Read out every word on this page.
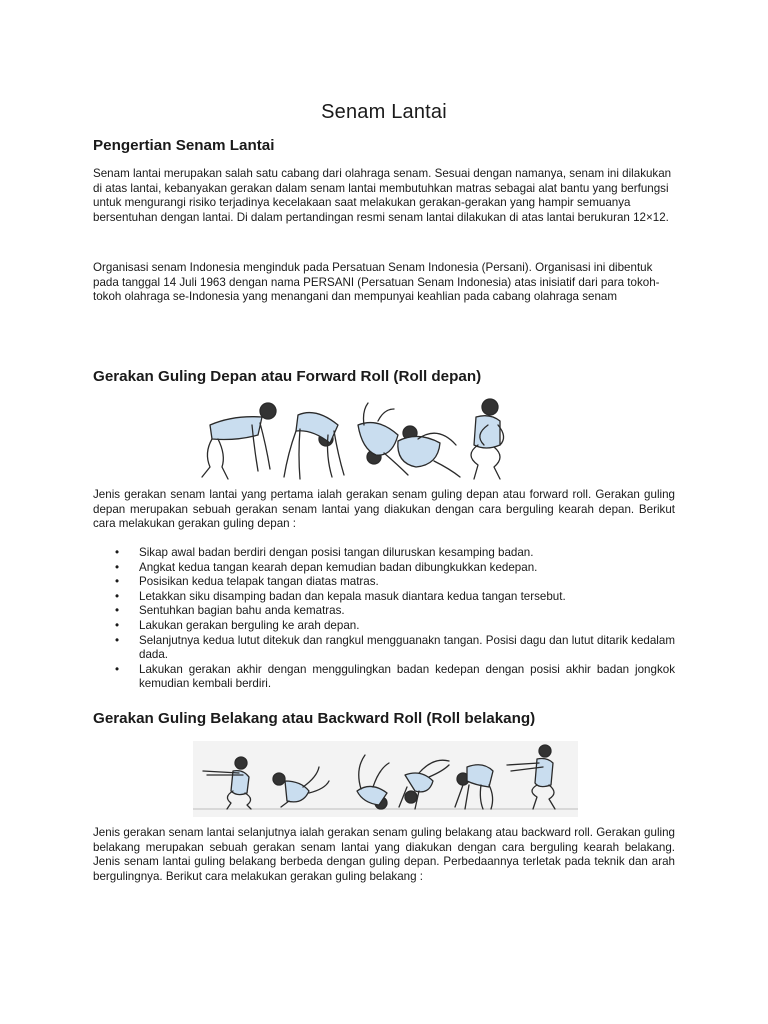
Senam Lantai
Pengertian Senam Lantai

Senam lantai merupakan salah satu cabang dari olahraga senam. Sesuai dengan namanya, senam ini dilakukan di atas lantai, kebanyakan gerakan dalam senam lantai membutuhkan matras sebagai alat bantu yang berfungsi untuk mengurangi risiko terjadinya kecelakaan saat melakukan gerakan-gerakan yang hampir semuanya bersentuhan dengan lantai. Di dalam pertandingan resmi senam lantai dilakukan di atas lantai berukuran 12×12.

Organisasi senam Indonesia menginduk pada Persatuan Senam Indonesia (Persani). Organisasi ini dibentuk pada tanggal 14 Juli 1963 dengan nama PERSANI (Persatuan Senam Indonesia) atas inisiatif dari para tokoh-tokoh olahraga se-Indonesia yang menangani dan mempunyai keahlian pada cabang olahraga senam

Gerakan Guling Depan atau Forward Roll (Roll depan)

Jenis gerakan senam lantai yang pertama ialah gerakan senam guling depan atau forward roll. Gerakan guling depan merupakan sebuah gerakan senam lantai yang diakukan dengan cara berguling kearah depan. Berikut cara melakukan gerakan guling depan :

• Sikap awal badan berdiri dengan posisi tangan diluruskan kesamping badan.
• Angkat kedua tangan kearah depan kemudian badan dibungkukkan kedepan.
• Posisikan kedua telapak tangan diatas matras.
• Letakkan siku disamping badan dan kepala masuk diantara kedua tangan tersebut.
• Sentuhkan bagian bahu anda kematras.
• Lakukan gerakan berguling ke arah depan.
• Selanjutnya kedua lutut ditekuk dan rangkul mengguanakn tangan. Posisi dagu dan lutut ditarik kedalam dada.
• Lakukan gerakan akhir dengan menggulingkan badan kedepan dengan posisi akhir badan jongkok kemudian kembali berdiri.
Gerakan Guling Belakang atau Backward Roll (Roll belakang)

Jenis gerakan senam lantai selanjutnya ialah gerakan senam guling belakang atau backward roll. Gerakan guling belakang merupakan sebuah gerakan senam lantai yang diakukan dengan cara berguling kearah belakang. Jenis senam lantai guling belakang berbeda dengan guling depan. Perbedaannya terletak pada teknik dan arah bergulingnya. Berikut cara melakukan gerakan guling belakang :
